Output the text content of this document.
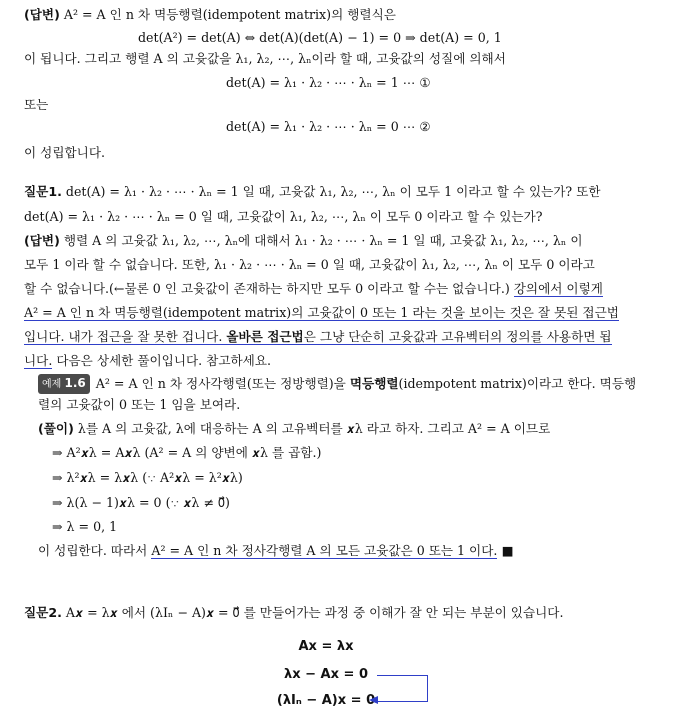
(답변) A² = A 인 n 차 멱등행렬(idempotent matrix)의 행렬식은
det(A²) = det(A) ⇔ det(A)(det(A) − 1) = 0 ⇒ det(A) = 0, 1
이 됩니다. 그리고 행렬 A 의 고윳값을 λ₁, λ₂, ⋯, λₙ이라 할 때, 고윳값의 성질에 의해서
det(A) = λ₁ · λ₂ · ⋯ · λₙ = 1 ⋯ ①
또는
det(A) = λ₁ · λ₂ · ⋯ · λₙ = 0 ⋯ ②
이 성립합니다.
질문1. det(A) = λ₁ · λ₂ · ⋯ · λₙ = 1 일 때, 고윳값 λ₁, λ₂, ⋯, λₙ 이 모두 1 이라고 할 수 있는가? 또한
det(A) = λ₁ · λ₂ · ⋯ · λₙ = 0 일 때, 고윳값이 λ₁, λ₂, ⋯, λₙ 이 모두 0 이라고 할 수 있는가?
(답변) 행렬 A 의 고윳값 λ₁, λ₂, ⋯, λₙ에 대해서 λ₁ · λ₂ · ⋯ · λₙ = 1 일 때, 고윳값 λ₁, λ₂, ⋯, λₙ 이
모두 1 이라 할 수 없습니다. 또한, λ₁ · λ₂ · ⋯ · λₙ = 0 일 때, 고윳값이 λ₁, λ₂, ⋯, λₙ 이 모두 0 이라고
할 수 없습니다.(←물론 0 인 고윳값이 존재하는 하지만 모두 0 이라고 할 수는 없습니다.) 강의에서 이렇게
A² = A 인 n 차 멱등행렬(idempotent matrix)의 고윳값이 0 또는 1 라는 것을 보이는 것은 잘 못된 접근법
입니다. 내가 접근을 잘 못한 겁니다. 올바른 접근법은 그냥 단순히 고윳값과 고유벡터의 정의를 사용하면 됩
니다. 다음은 상세한 풀이입니다. 참고하세요.
예제 1.6 A² = A 인 n 차 정사각행렬(또는 정방행렬)을 멱등행렬(idempotent matrix)이라고 한다. 멱등행
렬의 고윳값이 0 또는 1 임을 보여라.
(풀이) λ를 A 의 고윳값, λ에 대응하는 A 의 고유벡터를 𝒙λ 라고 하자. 그리고 A² = A 이므로
⇒ A²𝒙λ = A𝒙λ (A² = A 의 양변에 𝒙λ 를 곱함.)
⇒ λ²𝒙λ = λ𝒙λ (∵ A²𝒙λ = λ²𝒙λ)
⇒ λ(λ − 1)𝒙λ = 0 (∵ 𝒙λ ≠ 0⃗)
⇒ λ = 0, 1
이 성립한다. 따라서 A² = A 인 n 차 정사각행렬 A 의 모든 고윳값은 0 또는 1 이다. ■
질문2. A𝒙 = λ𝒙 에서 (λIₙ − A)𝒙 = 0⃗ 를 만들어가는 과정 중 이해가 잘 안 되는 부분이 있습니다.
Ax = λx
λx − Ax = 0
(λIₙ − A)x = 0
